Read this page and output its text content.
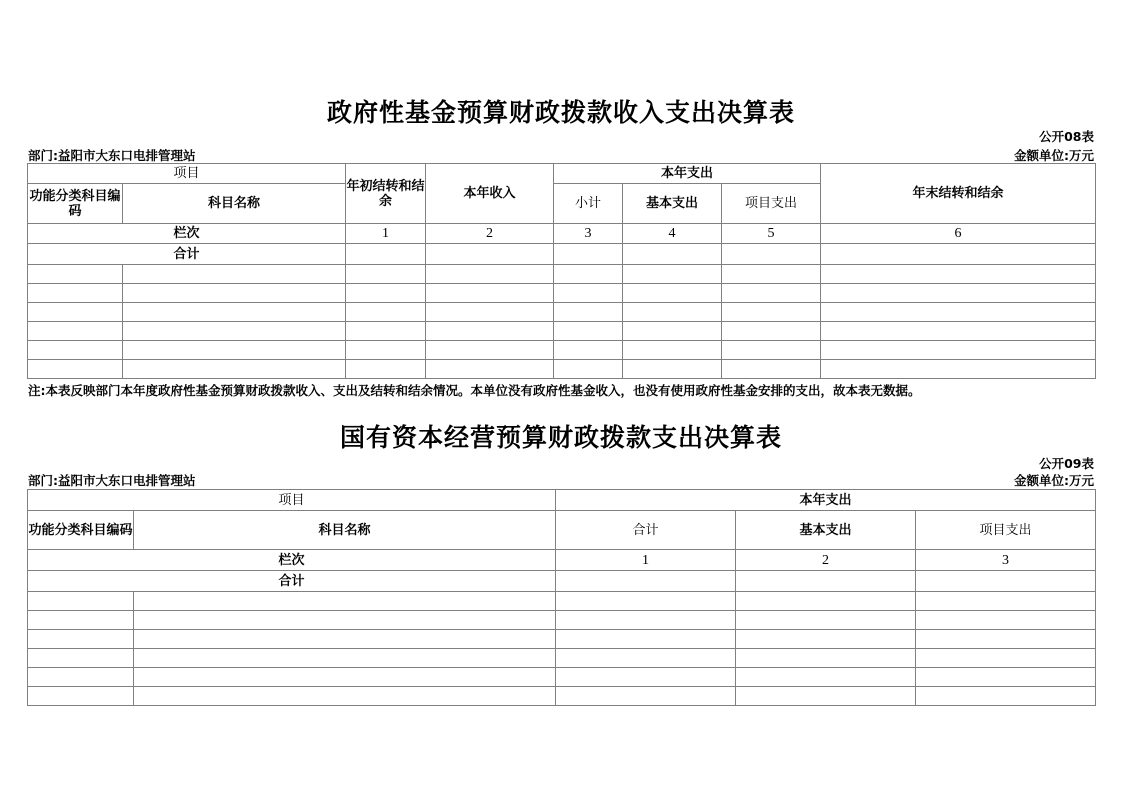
政府性基金预算财政拨款收入支出决算表
公开08表
部门:益阳市大东口电排管理站	金额单位:万元
项目		年初结转和结余	本年收入	本年支出			年末结转和结余
功能分类科目编码	科目名称			小计	基本支出	项目支出	
栏次		1	2	3	4	5	6
合计							

注:本表反映部门本年度政府性基金预算财政拨款收入、支出及结转和结余情况。本单位没有政府性基金收入，也没有使用政府性基金安排的支出，故本表无数据。
国有资本经营预算财政拨款支出决算表
公开09表
部门:益阳市大东口电排管理站	金额单位:万元
项目		本年支出		
功能分类科目编码	科目名称	合计	基本支出	项目支出
栏次		1	2	3
合计				
